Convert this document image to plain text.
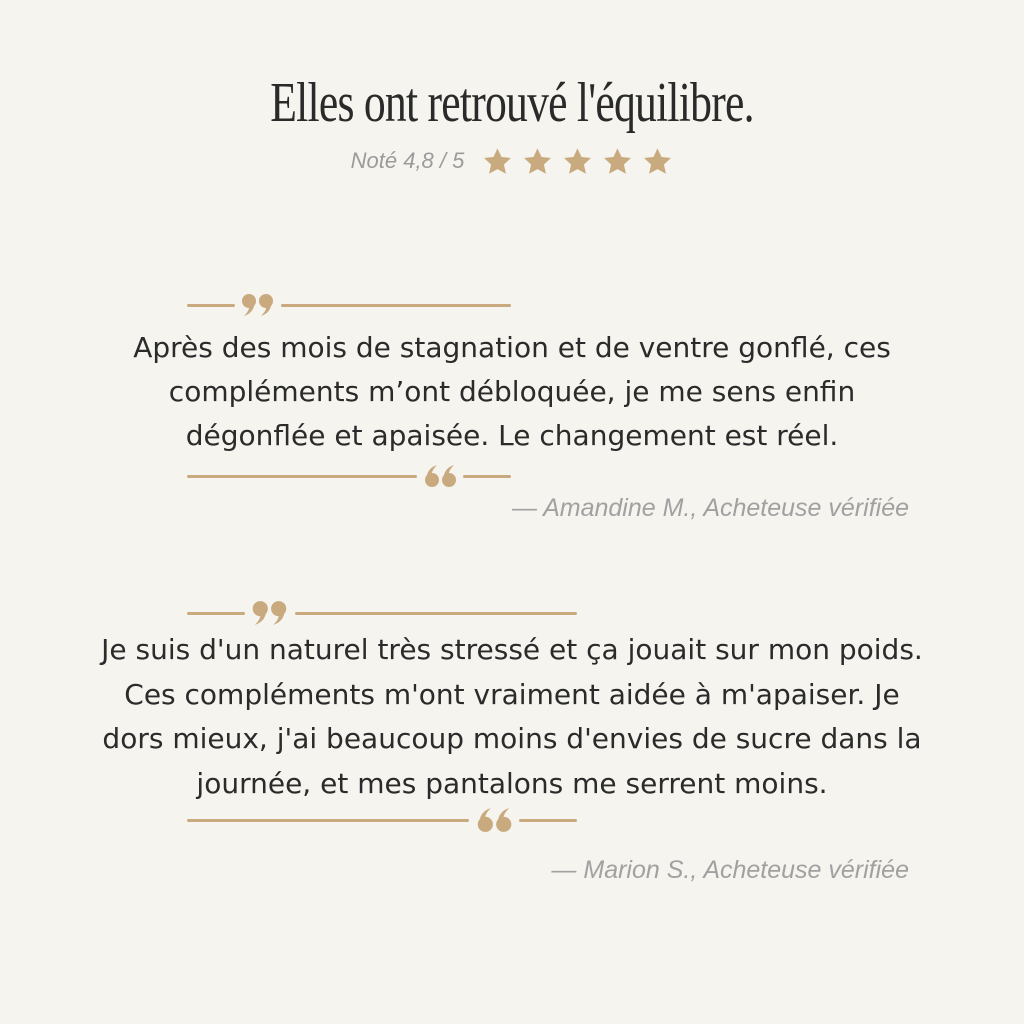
Elles ont retrouvé l'équilibre.
Noté 4,8 / 5
Après des mois de stagnation et de ventre gonflé, ces
compléments m’ont débloquée, je me sens enfin
dégonflée et apaisée. Le changement est réel.
— Amandine M., Acheteuse vérifiée
Je suis d'un naturel très stressé et ça jouait sur mon poids.
Ces compléments m'ont vraiment aidée à m'apaiser. Je
dors mieux, j'ai beaucoup moins d'envies de sucre dans la
journée, et mes pantalons me serrent moins.
— Marion S., Acheteuse vérifiée
